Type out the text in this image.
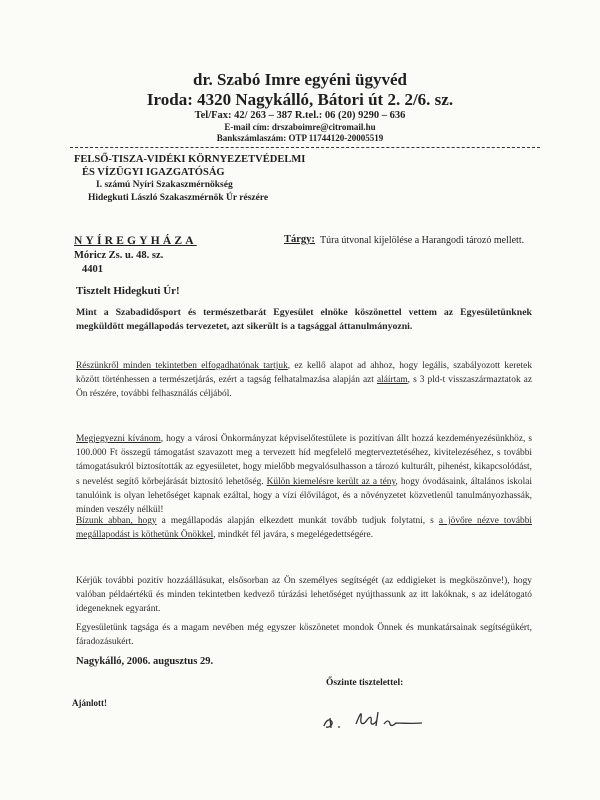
dr. Szabó Imre egyéni ügyvéd
Iroda: 4320 Nagykálló, Bátori út 2. 2/6. sz.
Tel/Fax: 42/ 263 – 387 R.tel.: 06 (20) 9290 – 636
E-mail cím: drszaboimre@citromail.hu
Bankszámlaszám: OTP 11744120-20005519
FELSŐ-TISZA-VIDÉKI KÖRNYEZETVÉDELMI
ÉS VÍZÜGYI IGAZGATÓSÁG
I. számú Nyíri Szakaszmérnökség
Hidegkuti László Szakaszmérnök Úr részére
NYÍREGYHÁZA
Móricz Zs. u. 48. sz.
4401
Tárgy: Túra útvonal kijelölése a Harangodi tározó mellett.
Tisztelt Hidegkuti Úr!
Mint a Szabadidősport és természetbarát Egyesület elnöke köszönettel vettem az Egyesületünknek megküldött megállapodás tervezetet, azt sikerült is a tagsággal áttanulmányozni.
Részünkről minden tekintetben elfogadhatónak tartjuk, ez kellő alapot ad ahhoz, hogy legális, szabályozott keretek között történhessen a természetjárás, ezért a tagság felhatalmazása alapján azt aláírtam, s 3 pld-t visszaszármaztatok az Ön részére, további felhasználás céljából.
Megjegyezni kívánom, hogy a városi Önkormányzat képviselőtestülete is pozitívan állt hozzá kezdeményezésünkhöz, s 100.000 Ft összegű támogatást szavazott meg a tervezett híd megfelelő megterveztetéséhez, kivitelezéséhez, s további támogatásukról biztosították az egyesületet, hogy mielőbb megvalósulhasson a tározó kulturált, pihenést, kikapcsolódást, s nevelést segítő körbejárását biztosító lehetőség. Külön kiemelésre került az a tény, hogy óvodásaink, általános iskolai tanulóink is olyan lehetőséget kapnak ezáltal, hogy a vízi élővilágot, és a növényzetet közvetlenül tanulmányozhassák, minden veszély nélkül!
Bízunk abban, hogy a megállapodás alapján elkezdett munkát tovább tudjuk folytatni, s a jövőre nézve további megállapodást is köthetünk Önökkel, mindkét fél javára, s megelégedettségére.
Kérjük további pozitív hozzáállásukat, elsősorban az Ön személyes segítségét (az eddigieket is megköszönve!), hogy valóban példaértékű és minden tekintetben kedvező túrázási lehetőséget nyújthassunk az itt lakóknak, s az idelátogató idegeneknek egyaránt.
Egyesületünk tagsága és a magam nevében még egyszer köszönetet mondok Önnek és munkatársainak segítségükért, fáradozásukért.
Nagykálló, 2006. augusztus 29.
Őszinte tisztelettel:
Ajánlott!
